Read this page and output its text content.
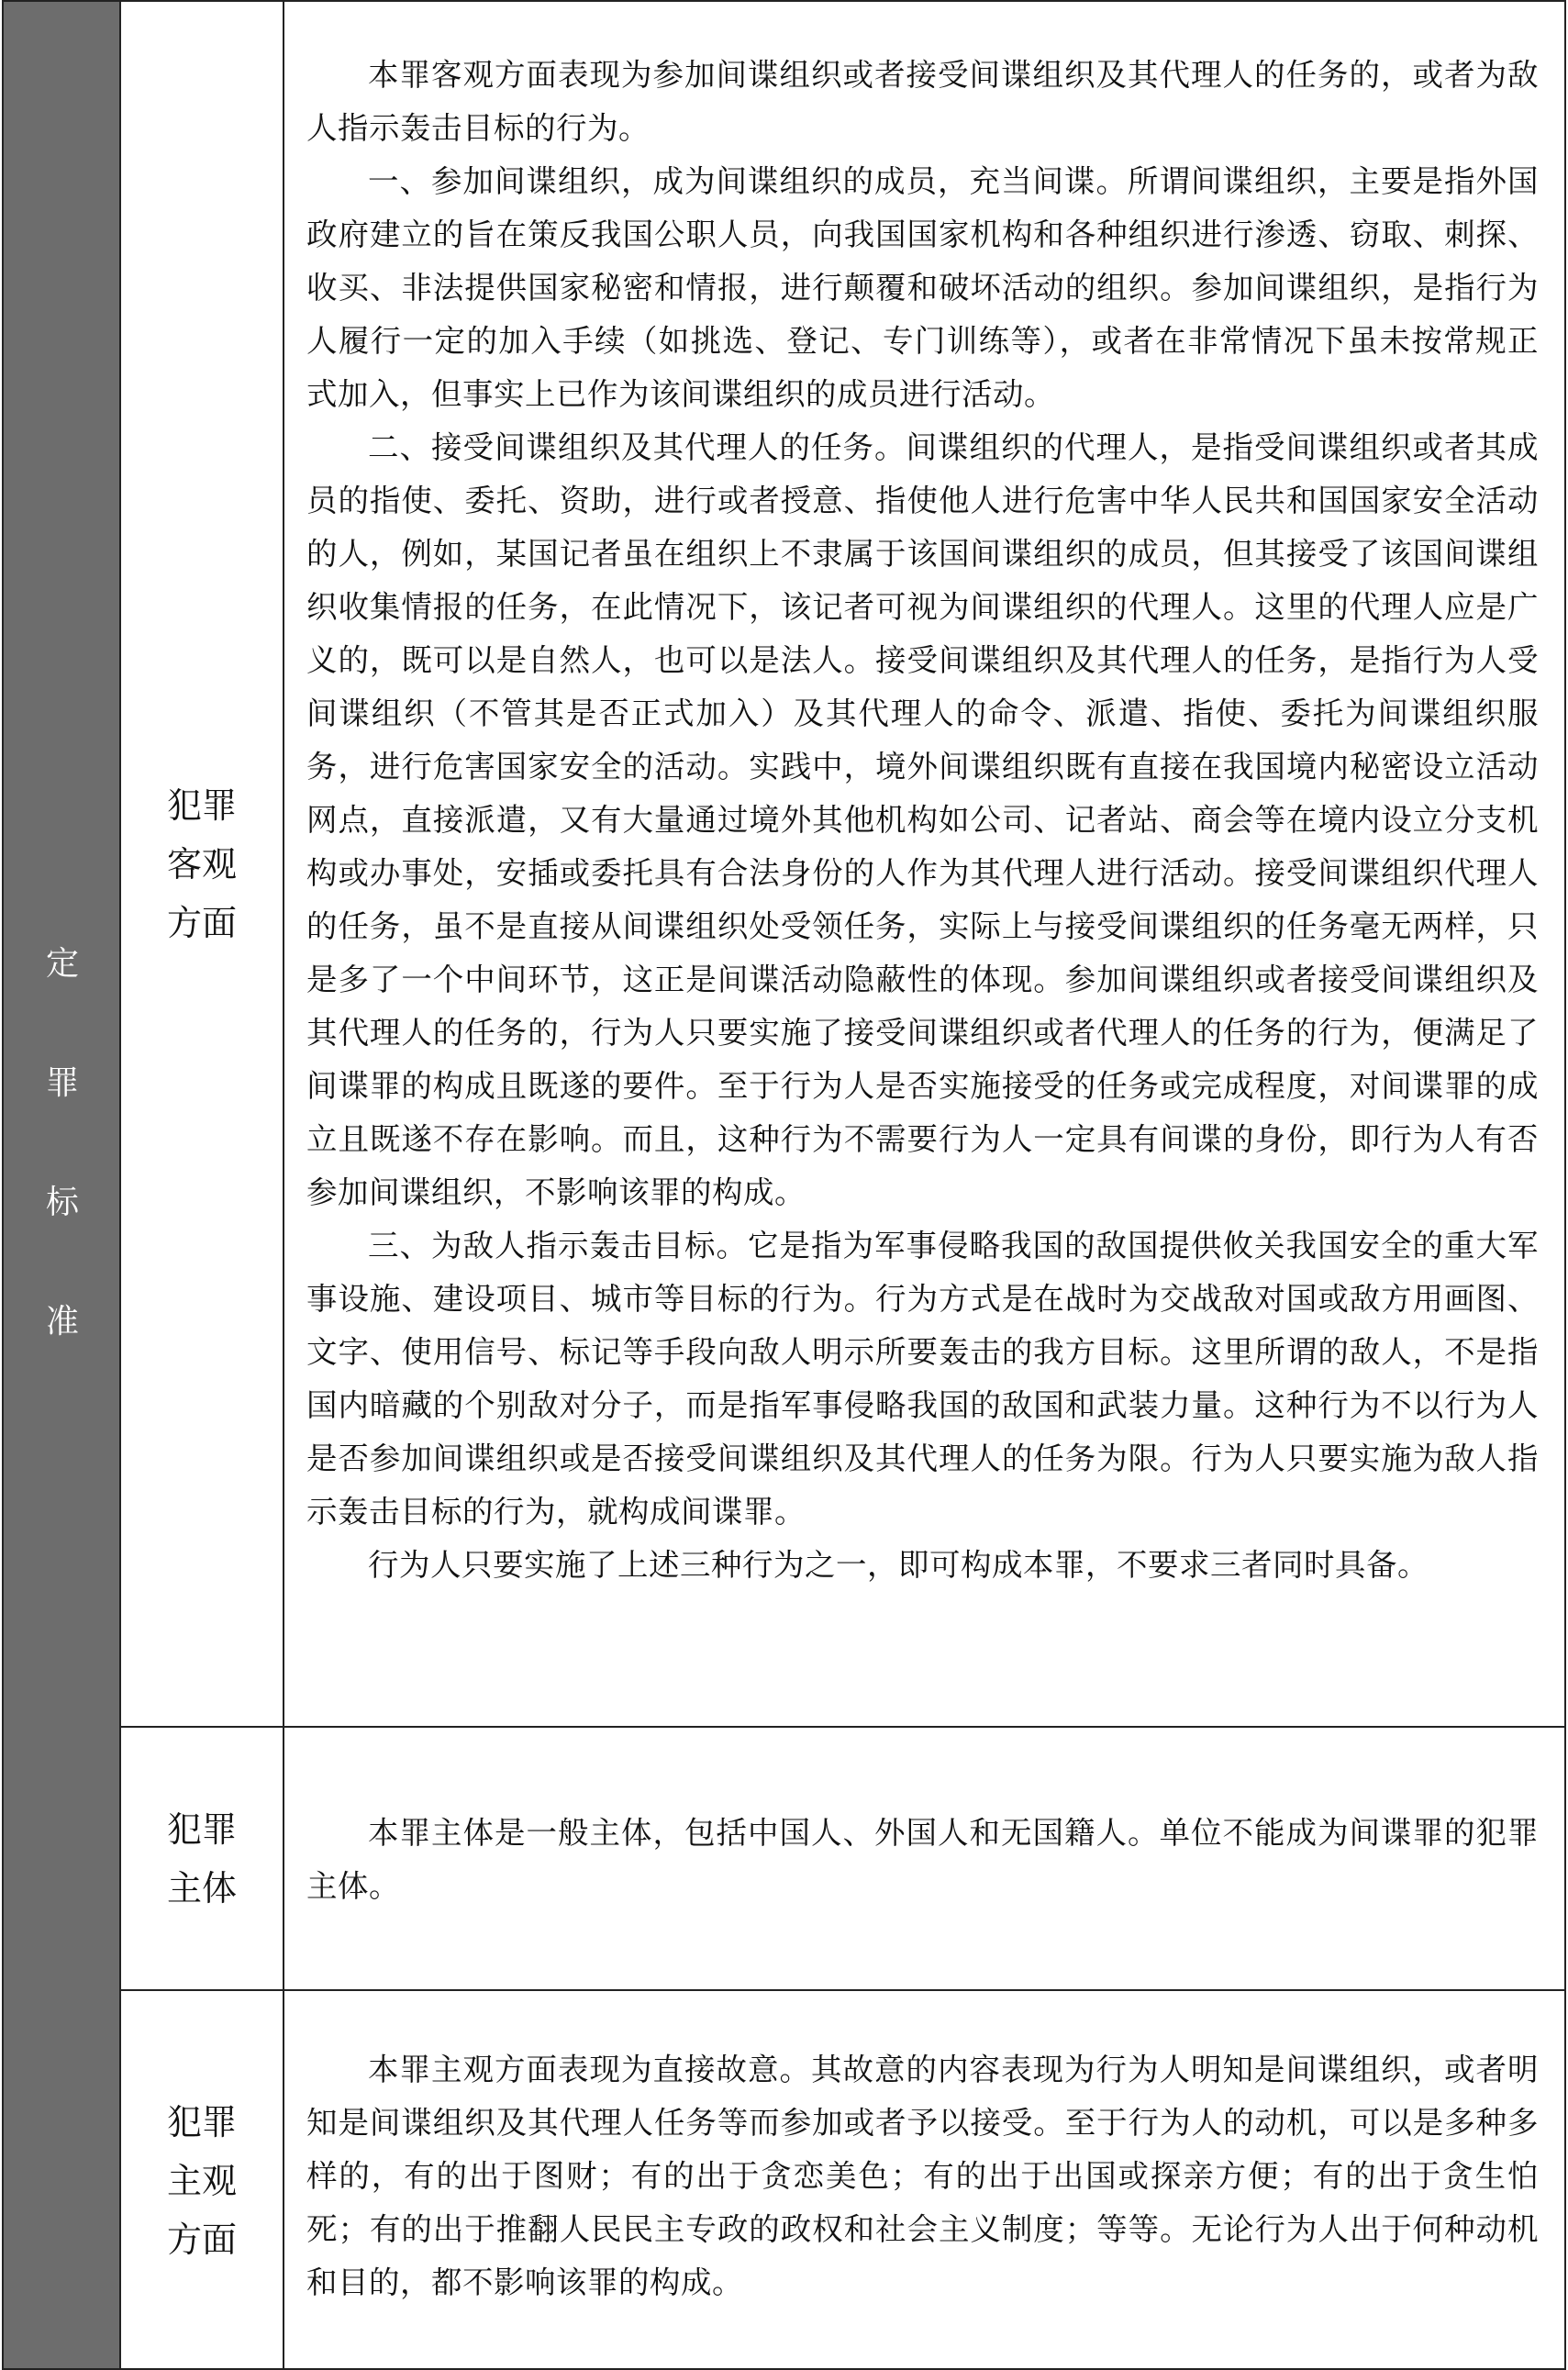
定
罪
标
准
犯罪
客观
方面

本罪客观方面表现为参加间谍组织或者接受间谍组织及其代理人的任务的，或者为敌人指示轰击目标的行为。

一、参加间谍组织，成为间谍组织的成员，充当间谍。所谓间谍组织，主要是指外国政府建立的旨在策反我国公职人员，向我国国家机构和各种组织进行渗透、窃取、刺探、收买、非法提供国家秘密和情报，进行颠覆和破坏活动的组织。参加间谍组织，是指行为人履行一定的加入手续（如挑选、登记、专门训练等），或者在非常情况下虽未按常规正式加入，但事实上已作为该间谍组织的成员进行活动。

二、接受间谍组织及其代理人的任务。间谍组织的代理人，是指受间谍组织或者其成员的指使、委托、资助，进行或者授意、指使他人进行危害中华人民共和国国家安全活动的人，例如，某国记者虽在组织上不隶属于该国间谍组织的成员，但其接受了该国间谍组织收集情报的任务，在此情况下，该记者可视为间谍组织的代理人。这里的代理人应是广义的，既可以是自然人，也可以是法人。接受间谍组织及其代理人的任务，是指行为人受间谍组织（不管其是否正式加入）及其代理人的命令、派遣、指使、委托为间谍组织服务，进行危害国家安全的活动。实践中，境外间谍组织既有直接在我国境内秘密设立活动网点，直接派遣，又有大量通过境外其他机构如公司、记者站、商会等在境内设立分支机构或办事处，安插或委托具有合法身份的人作为其代理人进行活动。接受间谍组织代理人的任务，虽不是直接从间谍组织处受领任务，实际上与接受间谍组织的任务毫无两样，只是多了一个中间环节，这正是间谍活动隐蔽性的体现。参加间谍组织或者接受间谍组织及其代理人的任务的，行为人只要实施了接受间谍组织或者代理人的任务的行为，便满足了间谍罪的构成且既遂的要件。至于行为人是否实施接受的任务或完成程度，对间谍罪的成立且既遂不存在影响。而且，这种行为不需要行为人一定具有间谍的身份，即行为人有否参加间谍组织，不影响该罪的构成。

三、为敌人指示轰击目标。它是指为军事侵略我国的敌国提供攸关我国安全的重大军事设施、建设项目、城市等目标的行为。行为方式是在战时为交战敌对国或敌方用画图、文字、使用信号、标记等手段向敌人明示所要轰击的我方目标。这里所谓的敌人，不是指国内暗藏的个别敌对分子，而是指军事侵略我国的敌国和武装力量。这种行为不以行为人是否参加间谍组织或是否接受间谍组织及其代理人的任务为限。行为人只要实施为敌人指示轰击目标的行为，就构成间谍罪。

行为人只要实施了上述三种行为之一，即可构成本罪，不要求三者同时具备。

犯罪
主体

本罪主体是一般主体，包括中国人、外国人和无国籍人。单位不能成为间谍罪的犯罪主体。

犯罪
主观
方面

本罪主观方面表现为直接故意。其故意的内容表现为行为人明知是间谍组织，或者明知是间谍组织及其代理人任务等而参加或者予以接受。至于行为人的动机，可以是多种多样的，有的出于图财；有的出于贪恋美色；有的出于出国或探亲方便；有的出于贪生怕死；有的出于推翻人民民主专政的政权和社会主义制度；等等。无论行为人出于何种动机和目的，都不影响该罪的构成。
